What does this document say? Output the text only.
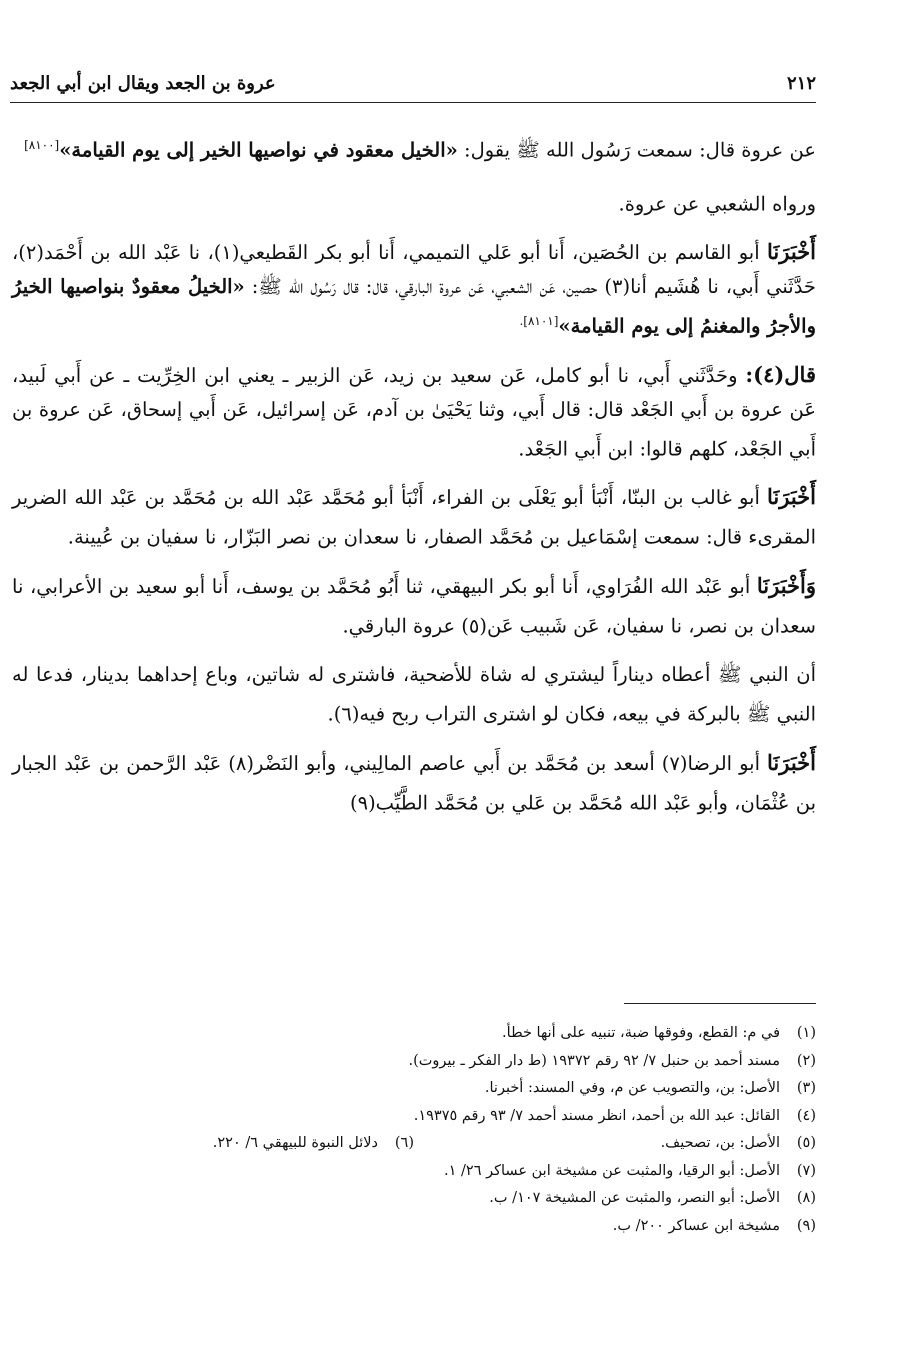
٢١٢
عروة بن الجعد ويقال ابن أبي الجعد

عن عروة قال: سمعت رَسُول الله ﷺ يقول: «الخيل معقود في نواصيها الخير إلى يوم القيامة»[٨١٠٠]

ورواه الشعبي عن عروة.

أَخْبَرَنَا أبو القاسم بن الحُصَين، أَنا أبو عَلي التميمي، أَنا أبو بكر القَطيعي(١)، نا عَبْد الله بن أَحْمَد(٢)، حَدَّثَني أَبي، نا هُشَيم أنا(٣) حصين، عَن الشعبي، عَن عروة البارقي، قال: قال رَسُول الله ﷺ: «الخيلُ معقودٌ بنواصيها الخيرُ والأجرُ والمغنمُ إلى يوم القيامة»$^{[٨١٠١].}$

قال(٤): وحَدَّثَني أَبي، نا أبو كامل، عَن سعيد بن زيد، عَن الزبير ـ يعني ابن الخِرِّيت ـ عن أَبي لَبيد، عَن عروة بن أَبي الجَعْد قال: قال أَبي، وثنا يَحْيَىٰ بن آدم، عَن إسرائيل، عَن أَبي إسحاق، عَن عروة بن أَبي الجَعْد، كلهم قالوا: ابن أَبي الجَعْد.

أَخْبَرَنَا أبو غالب بن البنّا، أَنْبَأ أبو يَعْلَى بن الفراء، أَنْبَأ أبو مُحَمَّد عَبْد الله بن مُحَمَّد بن عَبْد الله الضرير المقرىء قال: سمعت إسْمَاعيل بن مُحَمَّد الصفار، نا سعدان بن نصر البَزّار، نا سفيان بن عُيينة.

وَأَخْبَرَنَا أبو عَبْد الله الفُرَاوي، أَنا أبو بكر البيهقي، ثنا أَبُو مُحَمَّد بن يوسف، أَنا أبو سعيد بن الأعرابي، نا سعدان بن نصر، نا سفيان، عَن شَبيب عَن(٥) عروة البارقي.

أن النبي ﷺ أعطاه ديناراً ليشتري له شاة للأضحية، فاشترى له شاتين، وباع إحداهما بدينار، فدعا له النبي ﷺ بالبركة في بيعه، فكان لو اشترى التراب ربح فيه(٦).

أَخْبَرَنَا أبو الرضا(٧) أسعد بن مُحَمَّد بن أَبي عاصم المالِيني، وأبو النَضْر(٨) عَبْد الرَّحمن بن عَبْد الجبار بن عُثْمَان، وأبو عَبْد الله مُحَمَّد بن عَلي بن مُحَمَّد الطَّيِّب(٩)

(١)
في م: القطع، وفوقها ضبة، تنبيه على أنها خطأ.
(٢)
مسند أحمد بن حنبل ٧/ ٩٢ رقم ١٩٣٧٢ (ط دار الفكر ـ بيروت).
(٣)
الأصل: بن، والتصويب عن م، وفي المسند: أخبرنا.
(٤)
القائل: عبد الله بن أحمد، انظر مسند أحمد ٧/ ٩٣ رقم ١٩٣٧٥.
(٥)
الأصل: بن، تصحيف.
(٦)
دلائل النبوة للبيهقي ٦/ ٢٢٠.
(٧)
الأصل: أبو الرقيا، والمثبت عن مشيخة ابن عساكر ٢٦/ ١.
(٨)
الأصل: أبو النصر، والمثبت عن المشيخة ١٠٧/ ب.
(٩)
مشيخة ابن عساكر ٢٠٠/ ب.
